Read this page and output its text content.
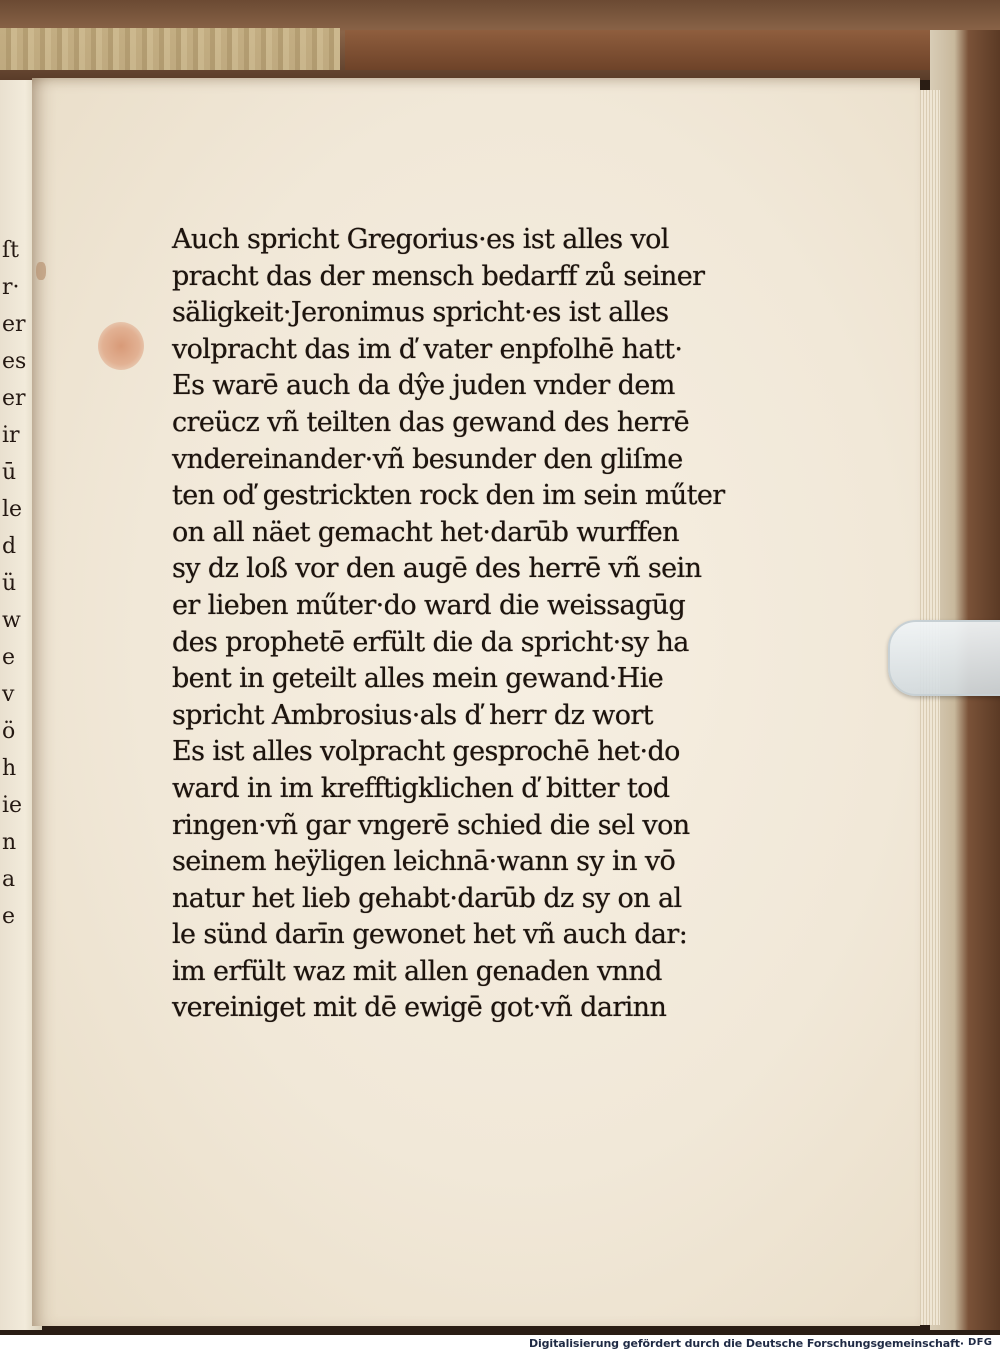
ſt
r·
er
es
er
ir
ū
le
d
ü
w
e
v
ö
h
ie
n
a
e
Auch spricht Gregorius·es ist alles vol
pracht das der mensch bedarff zů seiner
säligkeit·Jeronimus spricht·es ist alles
volpracht das im ď vater enpfolhē hatt·
Es warē auch da dŷe juden vnder dem
creücz vñ teilten das gewand des herrē
vndereinander·vñ besunder den gliſme
ten oď gestrickten rock den im sein műter
on all näet gemacht het·darūb wurffen
sy dz loß vor den augē des herrē vñ sein
er lieben műter·do ward die weissagūg
des prophetē erfült die da spricht·sy ha
bent in geteilt alles mein gewand·Hie
spricht Ambrosius·als ď herr dz wort
Es ist alles volpracht gesprochē het·do
ward in im krefftigklichen ď bitter tod
ringen·vñ gar vngerē schied die sel von
seinem heÿligen leichnā·wann sy in vō
natur het lieb gehabt·darūb dz sy on al
le sünd darīn gewonet het vñ auch dar:
im erfült waz mit allen genaden vnnd
vereiniget mit dē ewigē got·vñ darinn
Digitalisierung gefördert durch die Deutsche Forschungsgemeinschaft· DFG
